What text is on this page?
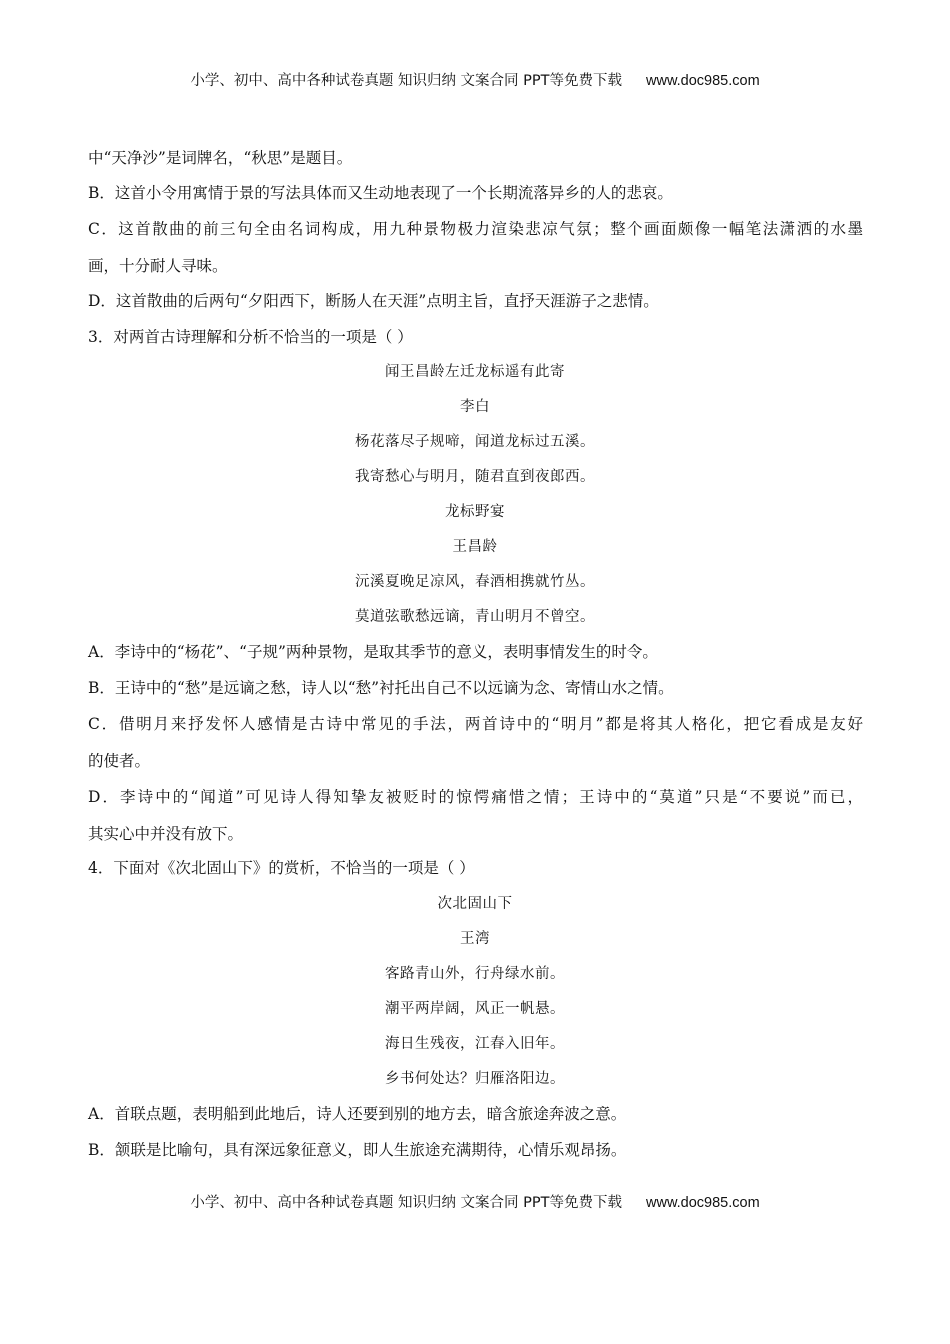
小学、初中、高中各种试卷真题 知识归纳 文案合同 PPT等免费下载 www.doc985.com
中“天净沙”是词牌名，“秋思”是题目。
B．这首小令用寓情于景的写法具体而又生动地表现了一个长期流落异乡的人的悲哀。
C．这首散曲的前三句全由名词构成，用九种景物极力渲染悲凉气氛；整个画面颇像一幅笔法潇洒的水墨
画，十分耐人寻味。
D．这首散曲的后两句“夕阳西下，断肠人在天涯”点明主旨，直抒天涯游子之悲情。
3．对两首古诗理解和分析不恰当的一项是（ ）
闻王昌龄左迁龙标遥有此寄
李白
杨花落尽子规啼，闻道龙标过五溪。
我寄愁心与明月，随君直到夜郎西。
龙标野宴
王昌龄
沅溪夏晚足凉风，春酒相携就竹丛。
莫道弦歌愁远谪，青山明月不曾空。
A．李诗中的“杨花”、“子规”两种景物，是取其季节的意义，表明事情发生的时令。
B．王诗中的“愁”是远谪之愁，诗人以“愁”衬托出自己不以远谪为念、寄情山水之情。
C．借明月来抒发怀人感情是古诗中常见的手法，两首诗中的“明月”都是将其人格化，把它看成是友好
的使者。
D．李诗中的“闻道”可见诗人得知挚友被贬时的惊愕痛惜之情；王诗中的“莫道”只是“不要说”而已，
其实心中并没有放下。
4．下面对《次北固山下》的赏析，不恰当的一项是（ ）
次北固山下
王湾
客路青山外，行舟绿水前。
潮平两岸阔，风正一帆悬。
海日生残夜，江春入旧年。
乡书何处达？归雁洛阳边。
A．首联点题，表明船到此地后，诗人还要到别的地方去，暗含旅途奔波之意。
B．颔联是比喻句，具有深远象征意义，即人生旅途充满期待，心情乐观昂扬。
小学、初中、高中各种试卷真题 知识归纳 文案合同 PPT等免费下载 www.doc985.com
